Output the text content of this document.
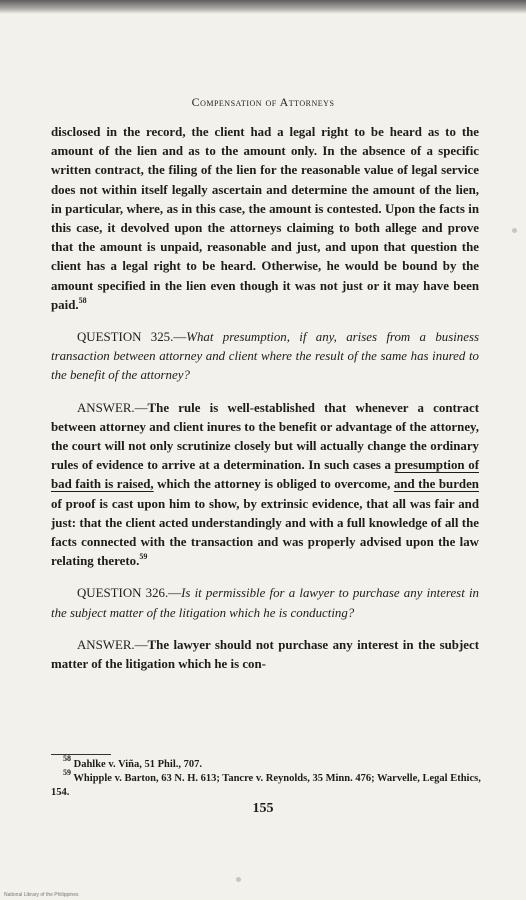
Compensation of Attorneys

disclosed in the record, the client had a legal right to be heard as to the amount of the lien and as to the amount only. In the absence of a specific written contract, the filing of the lien for the reasonable value of legal service does not within itself legally ascertain and determine the amount of the lien, in particular, where, as in this case, the amount is contested. Upon the facts in this case, it devolved upon the attorneys claiming to both allege and prove that the amount is unpaid, reasonable and just, and upon that question the client has a legal right to be heard. Otherwise, he would be bound by the amount specified in the lien even though it was not just or it may have been paid.$^{58}$

QUESTION 325.—What presumption, if any, arises from a business transaction between attorney and client where the result of the same has inured to the benefit of the attorney?

ANSWER.—The rule is well-established that whenever a contract between attorney and client inures to the benefit or advantage of the attorney, the court will not only scrutinize closely but will actually change the ordinary rules of evidence to arrive at a determination. In such cases a presumption of bad faith is raised, which the attorney is obliged to overcome, and the burden of proof is cast upon him to show, by extrinsic evidence, that all was fair and just: that the client acted understandingly and with a full knowledge of all the facts connected with the transaction and was properly advised upon the law relating thereto.$^{59}$

QUESTION 326.—Is it permissible for a lawyer to purchase any interest in the subject matter of the litigation which he is conducting?

ANSWER.—The lawyer should not purchase any interest in the subject matter of the litigation which he is con-

$^{58}$ Dahlke v. Viña, 51 Phil., 707.

$^{59}$ Whipple v. Barton, 63 N. H. 613; Tancre v. Reynolds, 35 Minn. 476; Warvelle, Legal Ethics, 154.

155
National Library of the Philippines
